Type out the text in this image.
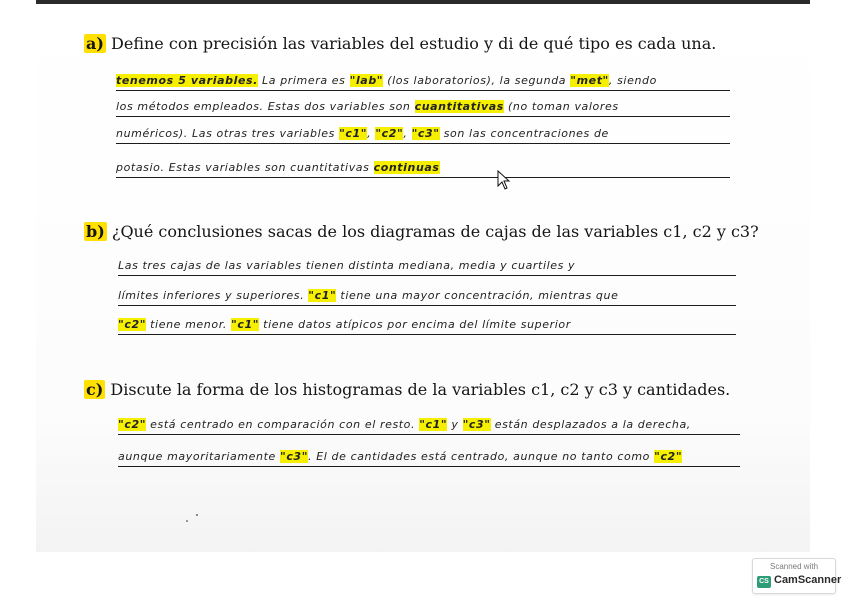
a) Define con precisión las variables del estudio y di de qué tipo es cada una.
tenemos 5 variables. La primera es "lab" (los laboratorios), la segunda "met", siendo
los métodos empleados. Estas dos variables son cuantitativas (no toman valores
numéricos). Las otras tres variables "c1", "c2", "c3" son las concentraciones de
potasio. Estas variables son cuantitativas continuas
b) ¿Qué conclusiones sacas de los diagramas de cajas de las variables c1, c2 y c3?
Las tres cajas de las variables tienen distinta mediana, media y cuartiles y
límites inferiores y superiores. "c1" tiene una mayor concentración, mientras que
"c2" tiene menor. "c1" tiene datos atípicos por encima del límite superior
c) Discute la forma de los histogramas de la variables c1, c2 y c3 y cantidades.
"c2" está centrado en comparación con el resto. "c1" y "c3" están desplazados a la derecha,
aunque mayoritariamente "c3". El de cantidades está centrado, aunque no tanto como "c2"
Scanned with
CS CamScanner
